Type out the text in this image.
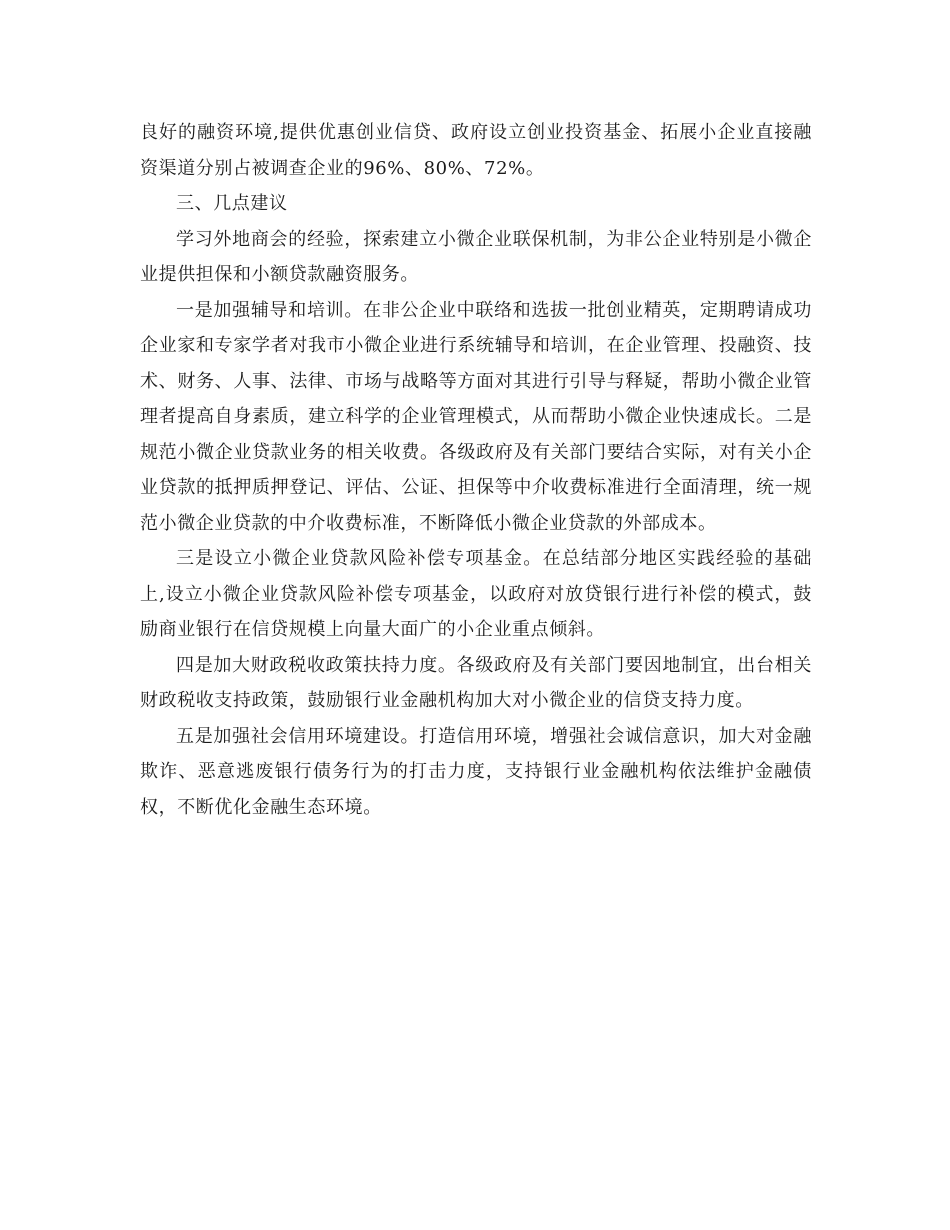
良好的融资环境,提供优惠创业信贷、政府设立创业投资基金、拓展小企业直接融资渠道分别占被调查企业的96%、80%、72%。

三、几点建议

学习外地商会的经验，探索建立小微企业联保机制，为非公企业特别是小微企业提供担保和小额贷款融资服务。

一是加强辅导和培训。在非公企业中联络和选拔一批创业精英，定期聘请成功企业家和专家学者对我市小微企业进行系统辅导和培训，在企业管理、投融资、技术、财务、人事、法律、市场与战略等方面对其进行引导与释疑，帮助小微企业管理者提高自身素质，建立科学的企业管理模式，从而帮助小微企业快速成长。二是规范小微企业贷款业务的相关收费。各级政府及有关部门要结合实际，对有关小企业贷款的抵押质押登记、评估、公证、担保等中介收费标准进行全面清理，统一规范小微企业贷款的中介收费标准，不断降低小微企业贷款的外部成本。

三是设立小微企业贷款风险补偿专项基金。在总结部分地区实践经验的基础上,设立小微企业贷款风险补偿专项基金，以政府对放贷银行进行补偿的模式，鼓励商业银行在信贷规模上向量大面广的小企业重点倾斜。

四是加大财政税收政策扶持力度。各级政府及有关部门要因地制宜，出台相关财政税收支持政策，鼓励银行业金融机构加大对小微企业的信贷支持力度。

五是加强社会信用环境建设。打造信用环境，增强社会诚信意识，加大对金融欺诈、恶意逃废银行债务行为的打击力度，支持银行业金融机构依法维护金融债权，不断优化金融生态环境。
